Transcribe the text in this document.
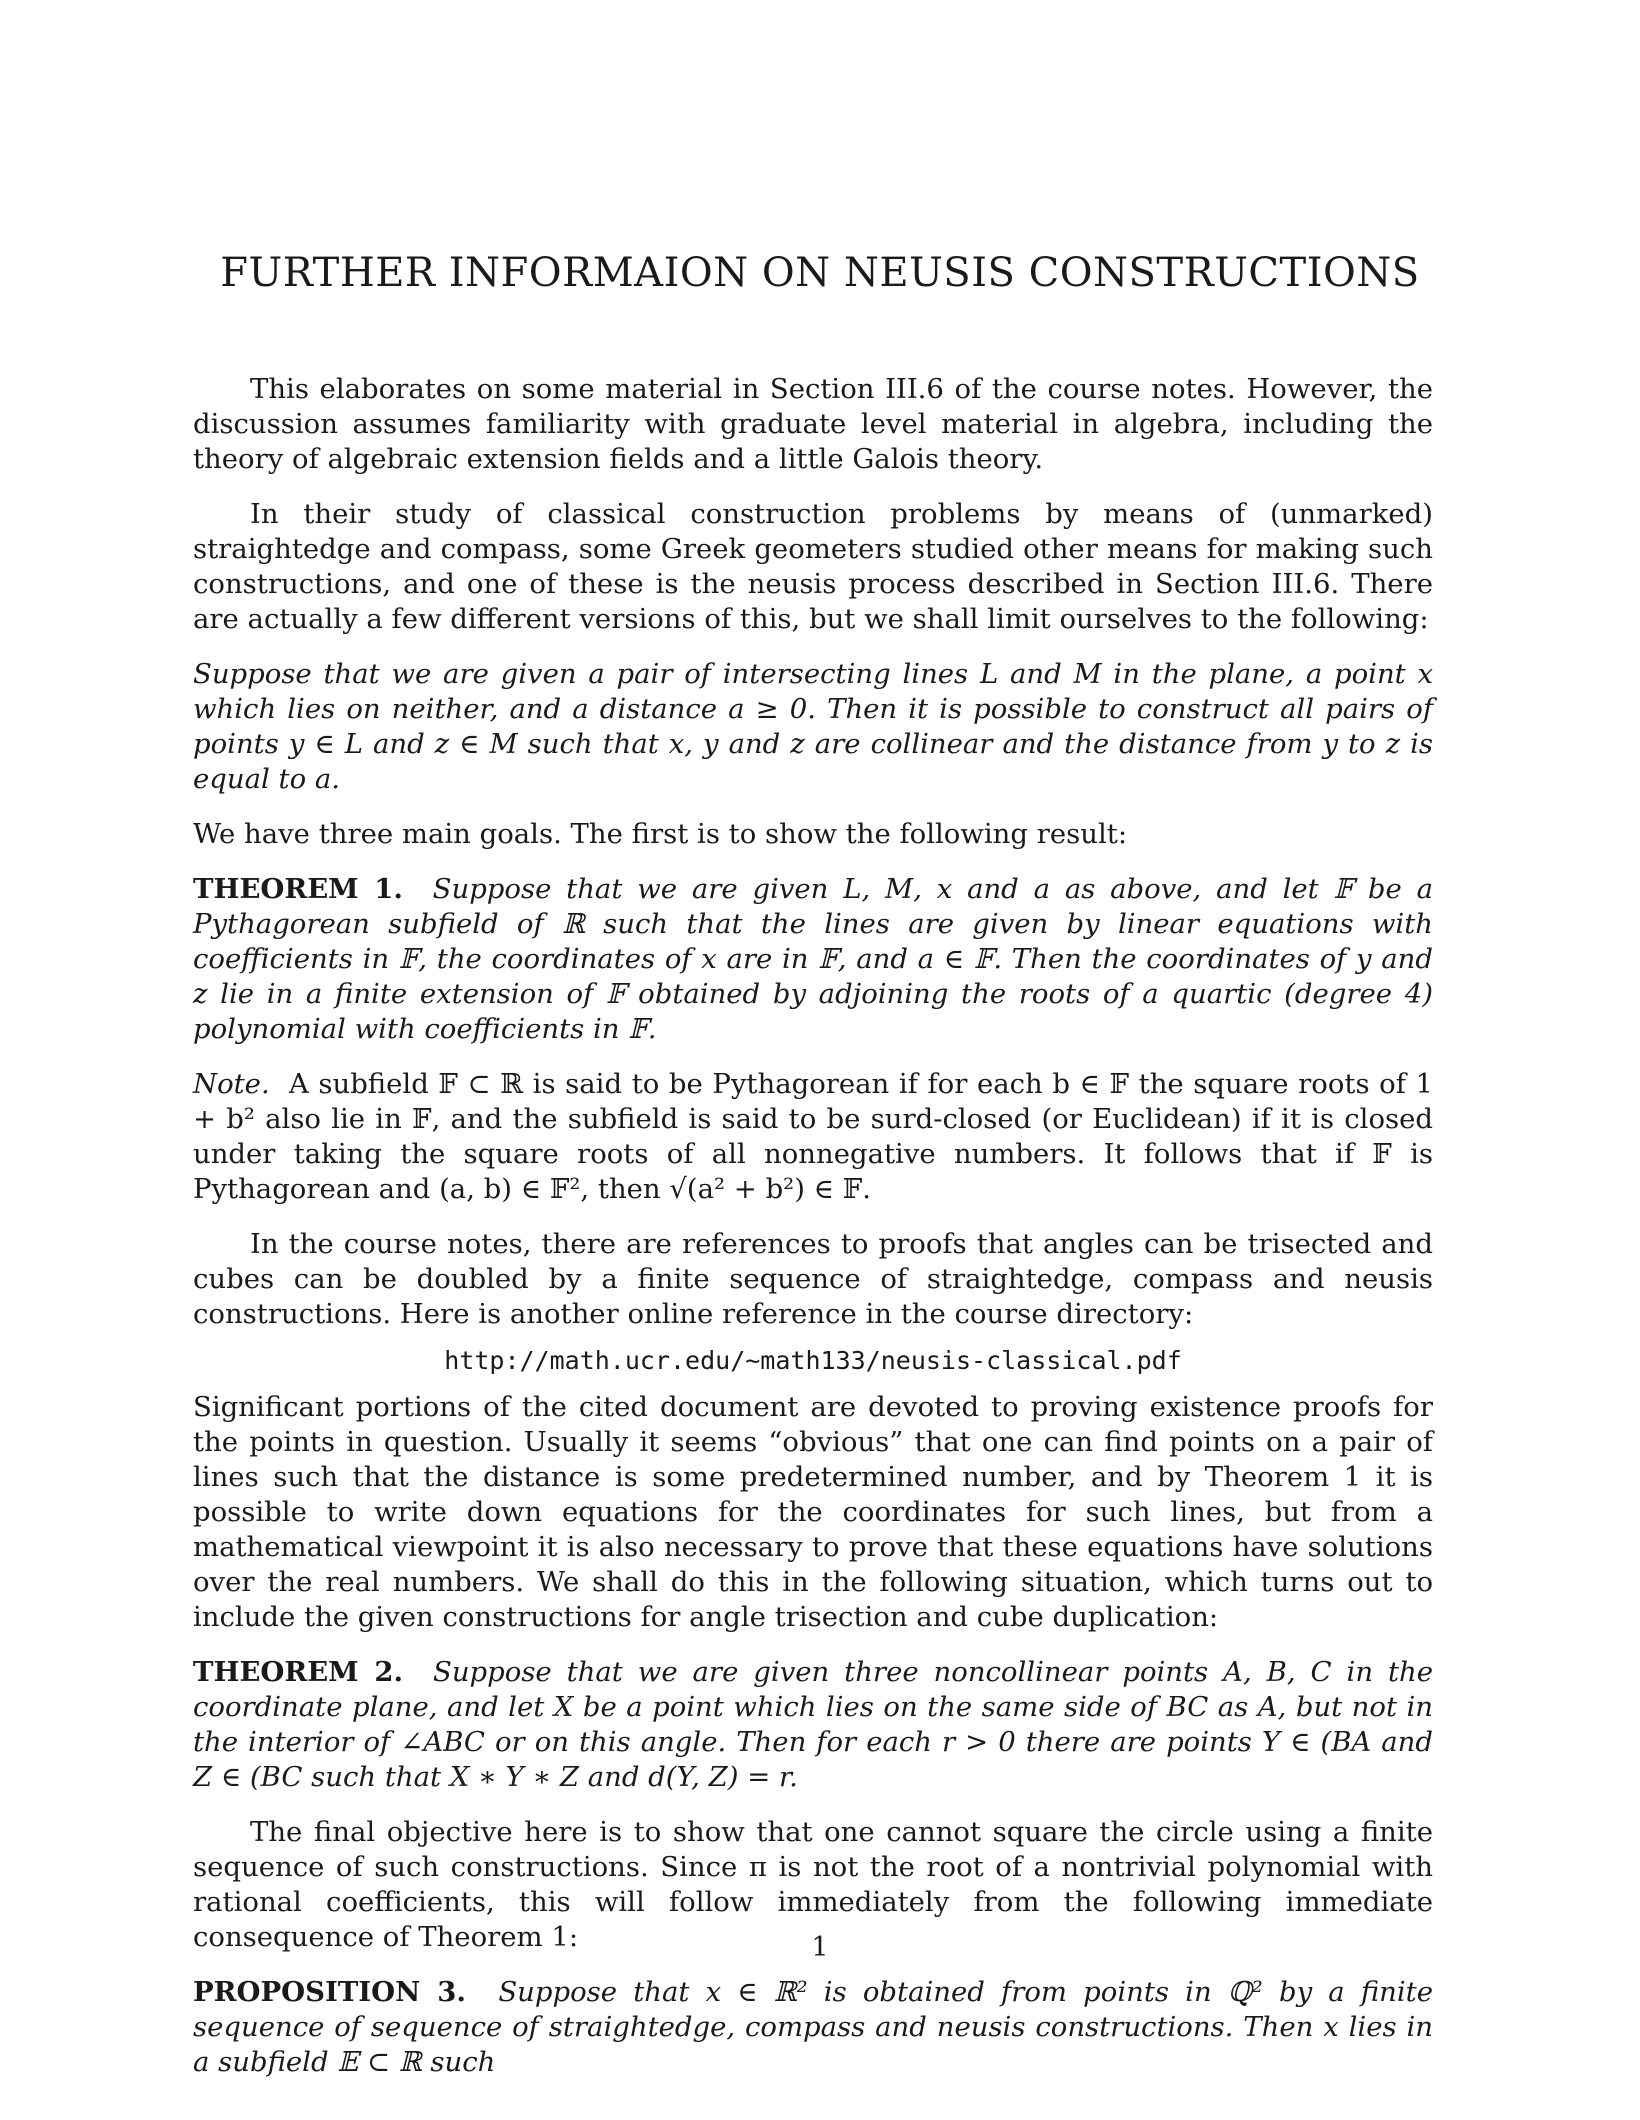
FURTHER INFORMAION ON NEUSIS CONSTRUCTIONS

This elaborates on some material in Section III.6 of the course notes. However, the discussion assumes familiarity with graduate level material in algebra, including the theory of algebraic extension fields and a little Galois theory.

In their study of classical construction problems by means of (unmarked) straightedge and compass, some Greek geometers studied other means for making such constructions, and one of these is the neusis process described in Section III.6. There are actually a few different versions of this, but we shall limit ourselves to the following:

Suppose that we are given a pair of intersecting lines L and M in the plane, a point x which lies on neither, and a distance a ≥ 0. Then it is possible to construct all pairs of points y ∈ L and z ∈ M such that x, y and z are collinear and the distance from y to z is equal to a.

We have three main goals. The first is to show the following result:

THEOREM 1. Suppose that we are given L, M, x and a as above, and let 𝔽 be a Pythagorean subfield of ℝ such that the lines are given by linear equations with coefficients in 𝔽, the coordinates of x are in 𝔽, and a ∈ 𝔽. Then the coordinates of y and z lie in a finite extension of 𝔽 obtained by adjoining the roots of a quartic (degree 4) polynomial with coefficients in 𝔽.

Note. A subfield 𝔽 ⊂ ℝ is said to be Pythagorean if for each b ∈ 𝔽 the square roots of 1 + b² also lie in 𝔽, and the subfield is said to be surd-closed (or Euclidean) if it is closed under taking the square roots of all nonnegative numbers. It follows that if 𝔽 is Pythagorean and (a, b) ∈ 𝔽², then √(a² + b²) ∈ 𝔽.

In the course notes, there are references to proofs that angles can be trisected and cubes can be doubled by a finite sequence of straightedge, compass and neusis constructions. Here is another online reference in the course directory:

http://math.ucr.edu/~math133/neusis-classical.pdf

Significant portions of the cited document are devoted to proving existence proofs for the points in question. Usually it seems “obvious” that one can find points on a pair of lines such that the distance is some predetermined number, and by Theorem 1 it is possible to write down equations for the coordinates for such lines, but from a mathematical viewpoint it is also necessary to prove that these equations have solutions over the real numbers. We shall do this in the following situation, which turns out to include the given constructions for angle trisection and cube duplication:

THEOREM 2. Suppose that we are given three noncollinear points A, B, C in the coordinate plane, and let X be a point which lies on the same side of BC as A, but not in the interior of ∠ABC or on this angle. Then for each r > 0 there are points Y ∈ (BA and Z ∈ (BC such that X ∗ Y ∗ Z and d(Y, Z) = r.

The final objective here is to show that one cannot square the circle using a finite sequence of such constructions. Since π is not the root of a nontrivial polynomial with rational coefficients, this will follow immediately from the following immediate consequence of Theorem 1:

PROPOSITION 3. Suppose that x ∈ ℝ² is obtained from points in ℚ² by a finite sequence of sequence of straightedge, compass and neusis constructions. Then x lies in a subfield 𝔼 ⊂ ℝ such

1
